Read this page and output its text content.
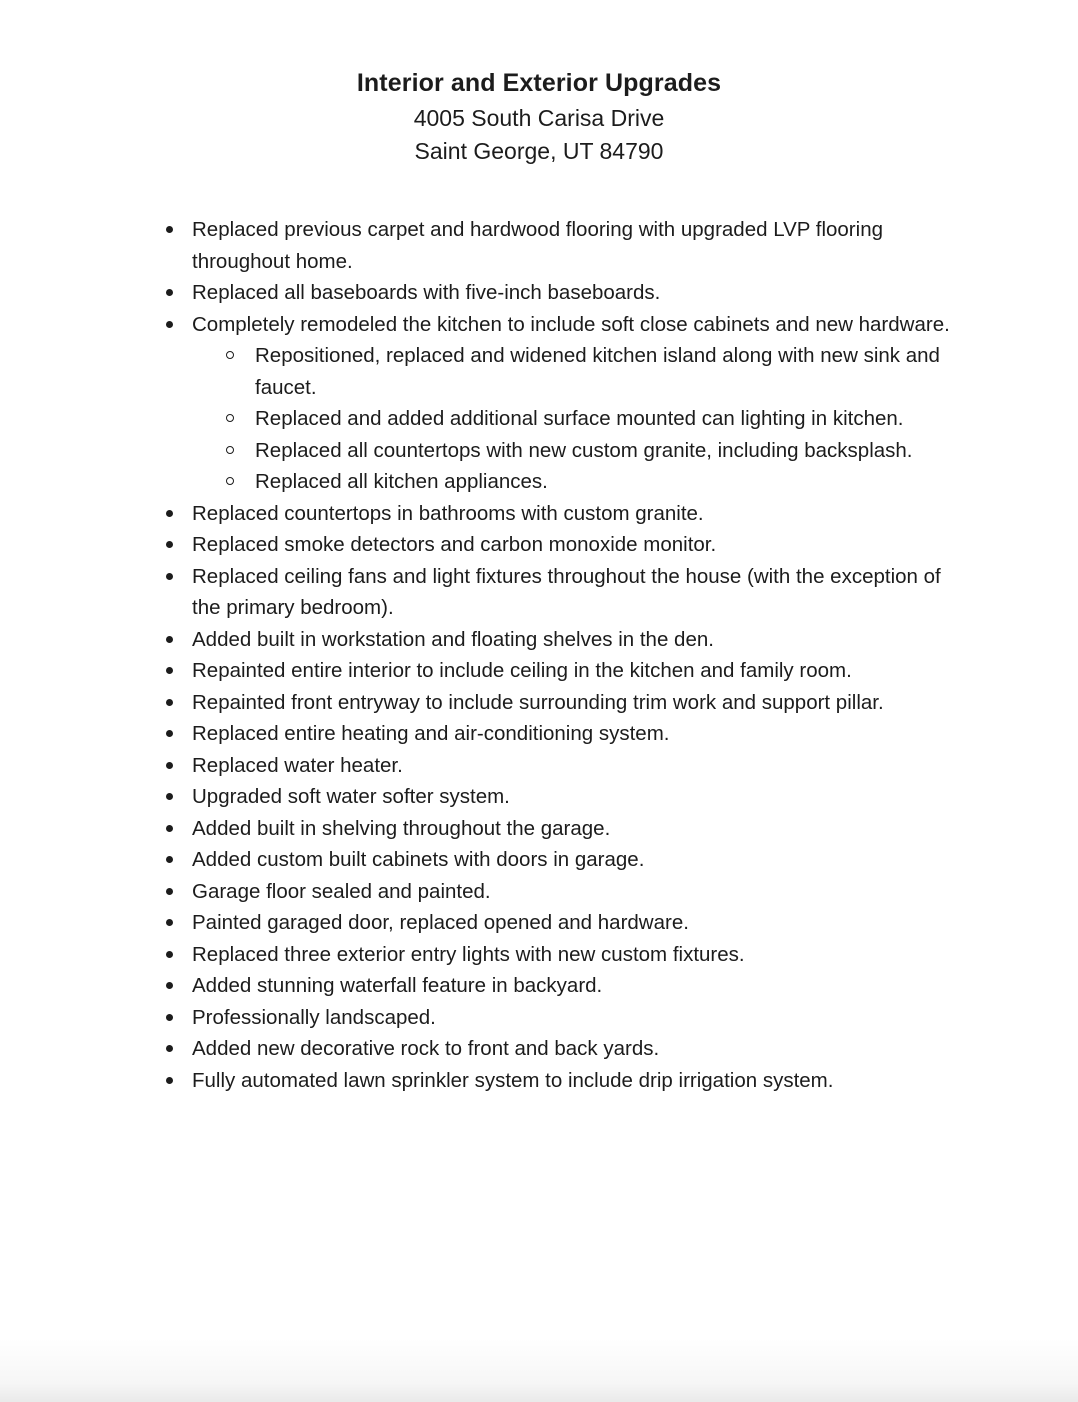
Interior and Exterior Upgrades
4005 South Carisa Drive
Saint George, UT 84790
Replaced previous carpet and hardwood flooring with upgraded LVP flooring throughout home.
Replaced all baseboards with five-inch baseboards.
Completely remodeled the kitchen to include soft close cabinets and new hardware.
Repositioned, replaced and widened kitchen island along with new sink and faucet.
Replaced and added additional surface mounted can lighting in kitchen.
Replaced all countertops with new custom granite, including backsplash.
Replaced all kitchen appliances.
Replaced countertops in bathrooms with custom granite.
Replaced smoke detectors and carbon monoxide monitor.
Replaced ceiling fans and light fixtures throughout the house (with the exception of the primary bedroom).
Added built in workstation and floating shelves in the den.
Repainted entire interior to include ceiling in the kitchen and family room.
Repainted front entryway to include surrounding trim work and support pillar.
Replaced entire heating and air-conditioning system.
Replaced water heater.
Upgraded soft water softer system.
Added built in shelving throughout the garage.
Added custom built cabinets with doors in garage.
Garage floor sealed and painted.
Painted garaged door, replaced opened and hardware.
Replaced three exterior entry lights with new custom fixtures.
Added stunning waterfall feature in backyard.
Professionally landscaped.
Added new decorative rock to front and back yards.
Fully automated lawn sprinkler system to include drip irrigation system.
